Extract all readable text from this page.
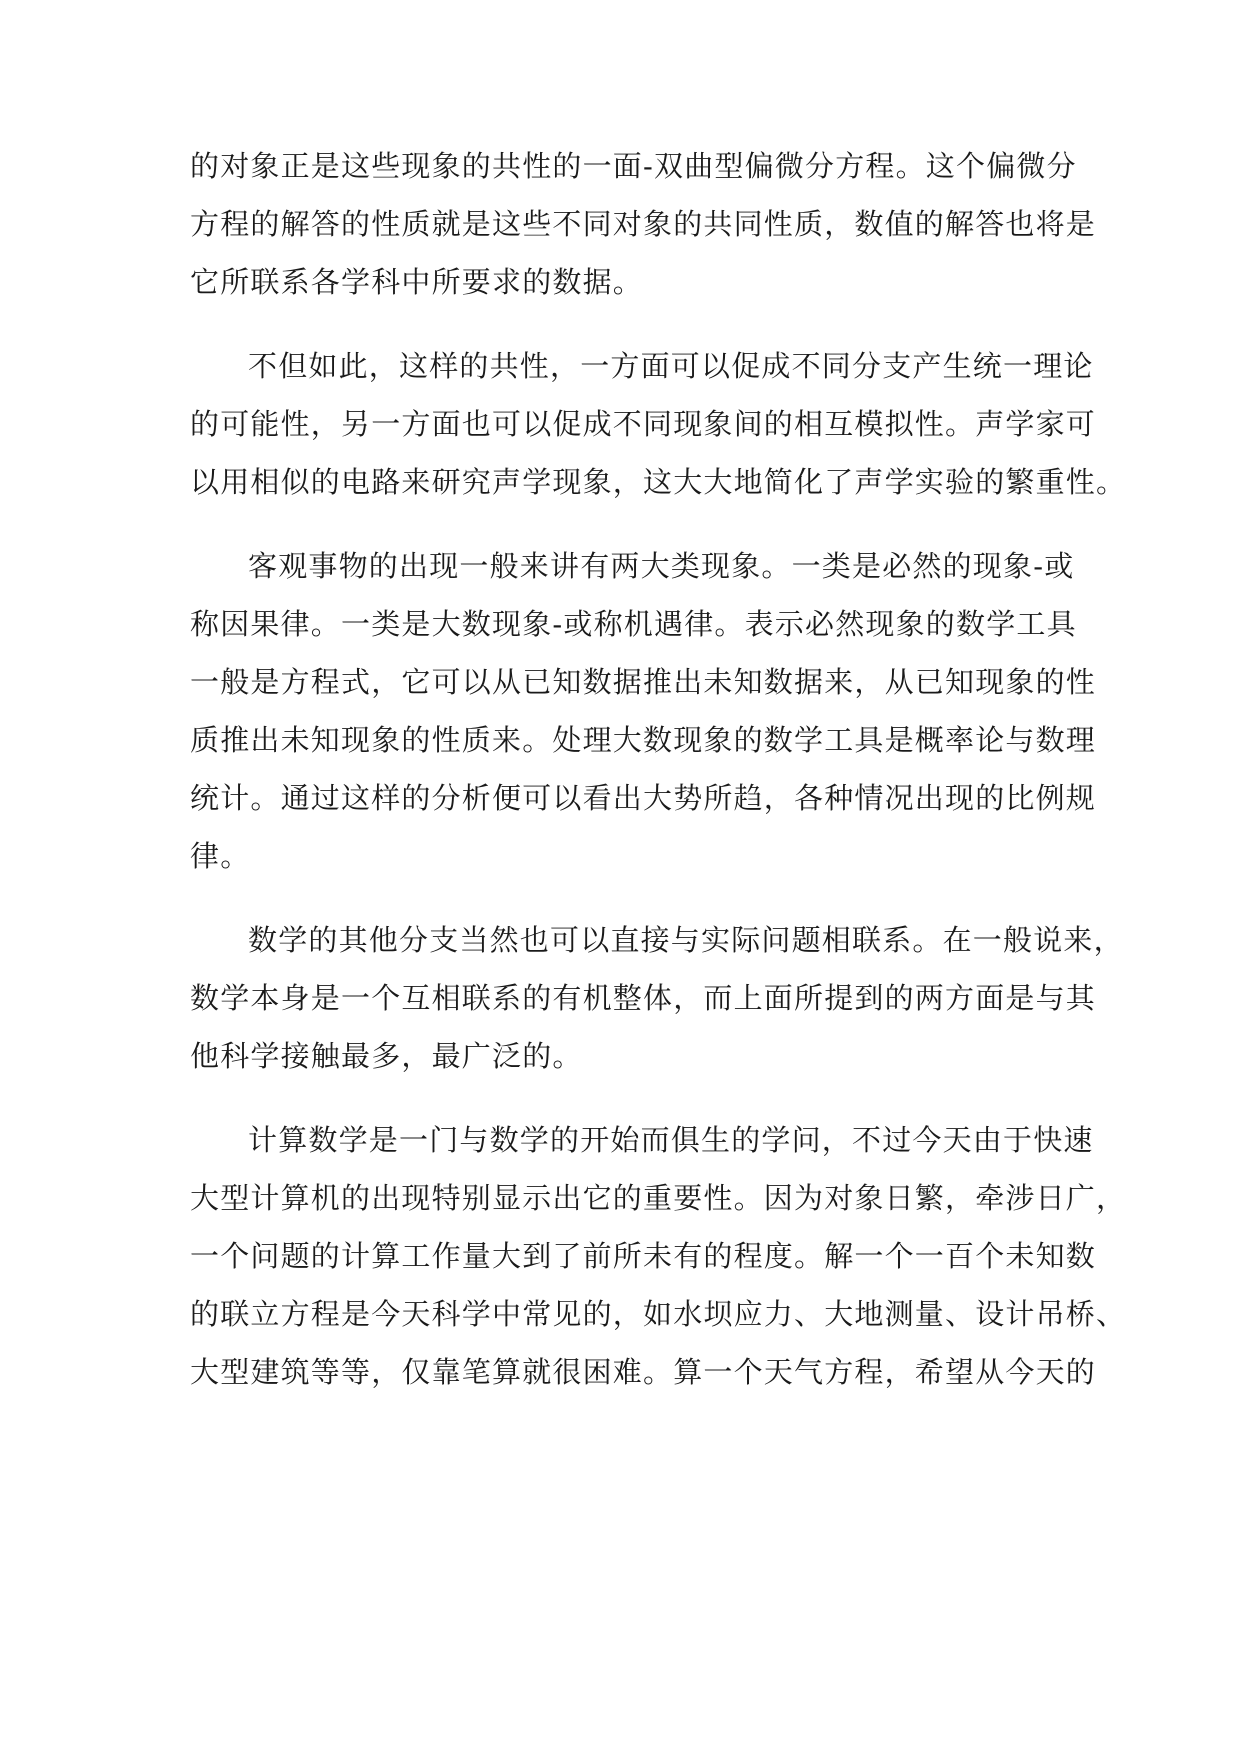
的对象正是这些现象的共性的一面-双曲型偏微分方程。这个偏微分
方程的解答的性质就是这些不同对象的共同性质，数值的解答也将是
它所联系各学科中所要求的数据。
不但如此，这样的共性，一方面可以促成不同分支产生统一理论
的可能性，另一方面也可以促成不同现象间的相互模拟性。声学家可
以用相似的电路来研究声学现象，这大大地简化了声学实验的繁重性。
客观事物的出现一般来讲有两大类现象。一类是必然的现象-或
称因果律。一类是大数现象-或称机遇律。表示必然现象的数学工具
一般是方程式，它可以从已知数据推出未知数据来，从已知现象的性
质推出未知现象的性质来。处理大数现象的数学工具是概率论与数理
统计。通过这样的分析便可以看出大势所趋，各种情况出现的比例规
律。
数学的其他分支当然也可以直接与实际问题相联系。在一般说来，
数学本身是一个互相联系的有机整体，而上面所提到的两方面是与其
他科学接触最多，最广泛的。
计算数学是一门与数学的开始而俱生的学问，不过今天由于快速
大型计算机的出现特别显示出它的重要性。因为对象日繁，牵涉日广，
一个问题的计算工作量大到了前所未有的程度。解一个一百个未知数
的联立方程是今天科学中常见的，如水坝应力、大地测量、设计吊桥、
大型建筑等等，仅靠笔算就很困难。算一个天气方程，希望从今天的
